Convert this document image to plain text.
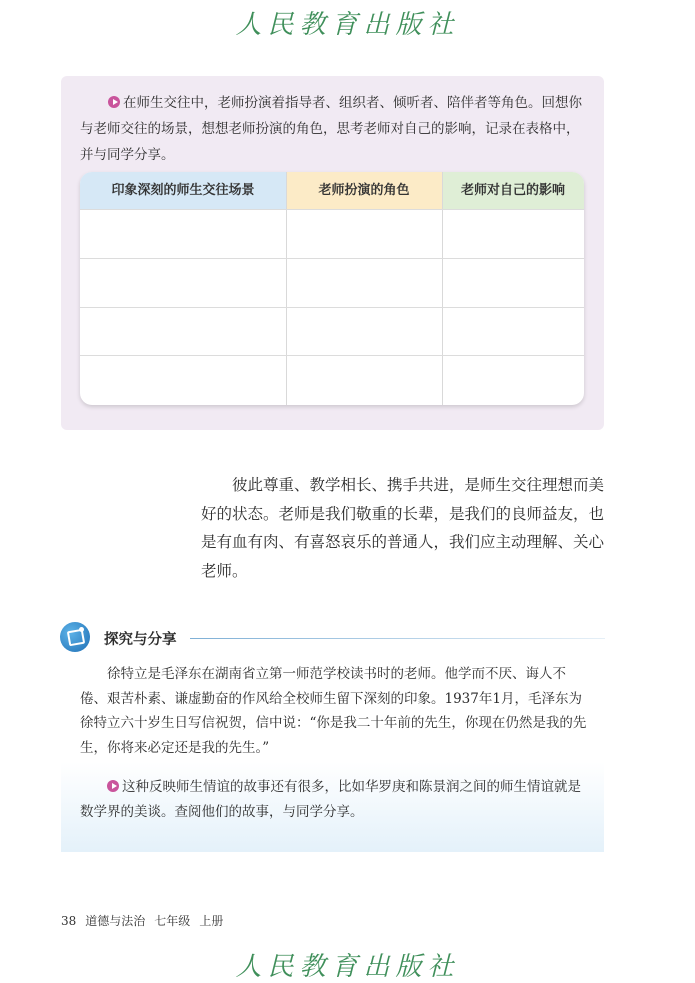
人民教育出版社
在师生交往中，老师扮演着指导者、组织者、倾听者、陪伴者等角色。回想你与老师交往的场景，想想老师扮演的角色，思考老师对自己的影响，记录在表格中，并与同学分享。
印象深刻的师生交往场景	老师扮演的角色	老师对自己的影响
彼此尊重、教学相长、携手共进，是师生交往理想而美好的状态。老师是我们敬重的长辈，是我们的良师益友，也是有血有肉、有喜怒哀乐的普通人，我们应主动理解、关心老师。
探究与分享
徐特立是毛泽东在湖南省立第一师范学校读书时的老师。他学而不厌、诲人不倦、艰苦朴素、谦虚勤奋的作风给全校师生留下深刻的印象。1937年1月，毛泽东为徐特立六十岁生日写信祝贺，信中说：“你是我二十年前的先生，你现在仍然是我的先生，你将来必定还是我的先生。”
这种反映师生情谊的故事还有很多，比如华罗庚和陈景润之间的师生情谊就是数学界的美谈。查阅他们的故事，与同学分享。
38 道德与法治 七年级 上册
人民教育出版社
